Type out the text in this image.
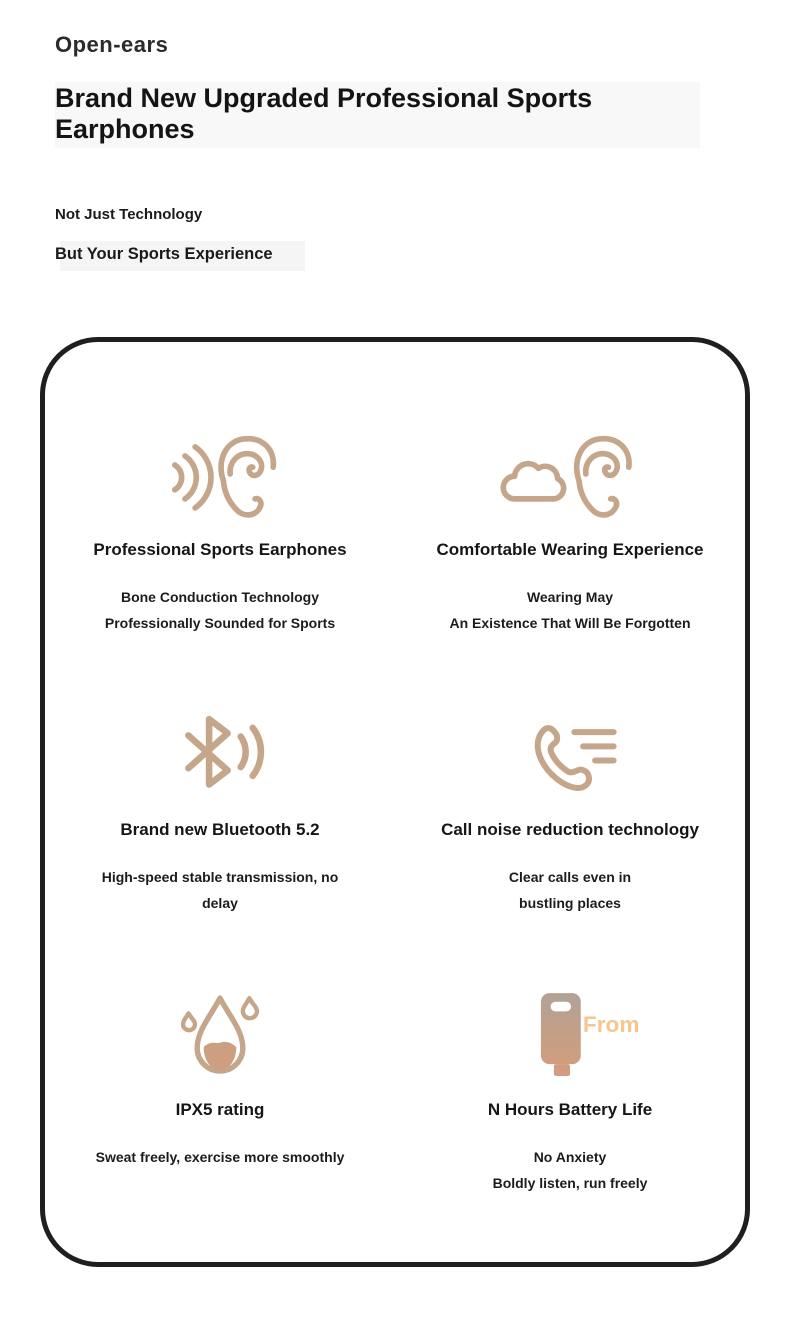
Open-ears
Brand New Upgraded Professional Sports Earphones
Not Just Technology
But Your Sports Experience
Professional Sports Earphones
Bone Conduction Technology
Professionally Sounded for Sports
Comfortable Wearing Experience
Wearing May
An Existence That Will Be Forgotten
Brand new Bluetooth 5.2
High-speed stable transmission, no
delay
Call noise reduction technology
Clear calls even in
bustling places
IPX5 rating
Sweat freely, exercise more smoothly
From
N Hours Battery Life
No Anxiety
Boldly listen, run freely
